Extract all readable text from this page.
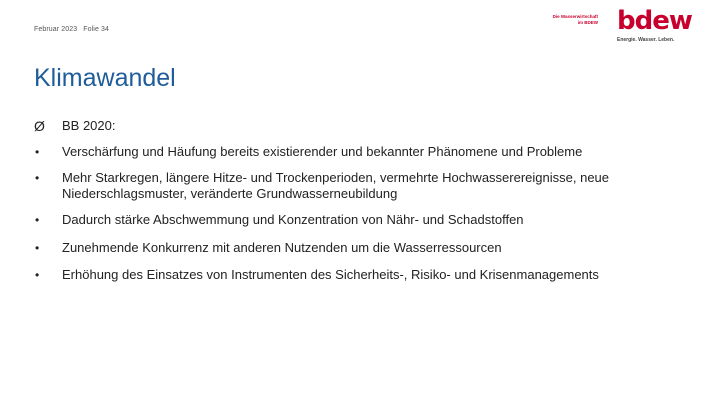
Februar 2023 Folie 34
Die Wasserwirtschaft
im BDEW bdew
Energie. Wasser. Leben.
Klimawandel
Ø	BB 2020:
•	Verschärfung und Häufung bereits existierender und bekannter Phänomene und Probleme
•	Mehr Starkregen, längere Hitze- und Trockenperioden, vermehrte Hochwasserereignisse, neue Niederschlagsmuster, veränderte Grundwasserneubildung
•	Dadurch stärke Abschwemmung und Konzentration von Nähr- und Schadstoffen
•	Zunehmende Konkurrenz mit anderen Nutzenden um die Wasserressourcen
•	Erhöhung des Einsatzes von Instrumenten des Sicherheits-, Risiko- und Krisenmanagements
